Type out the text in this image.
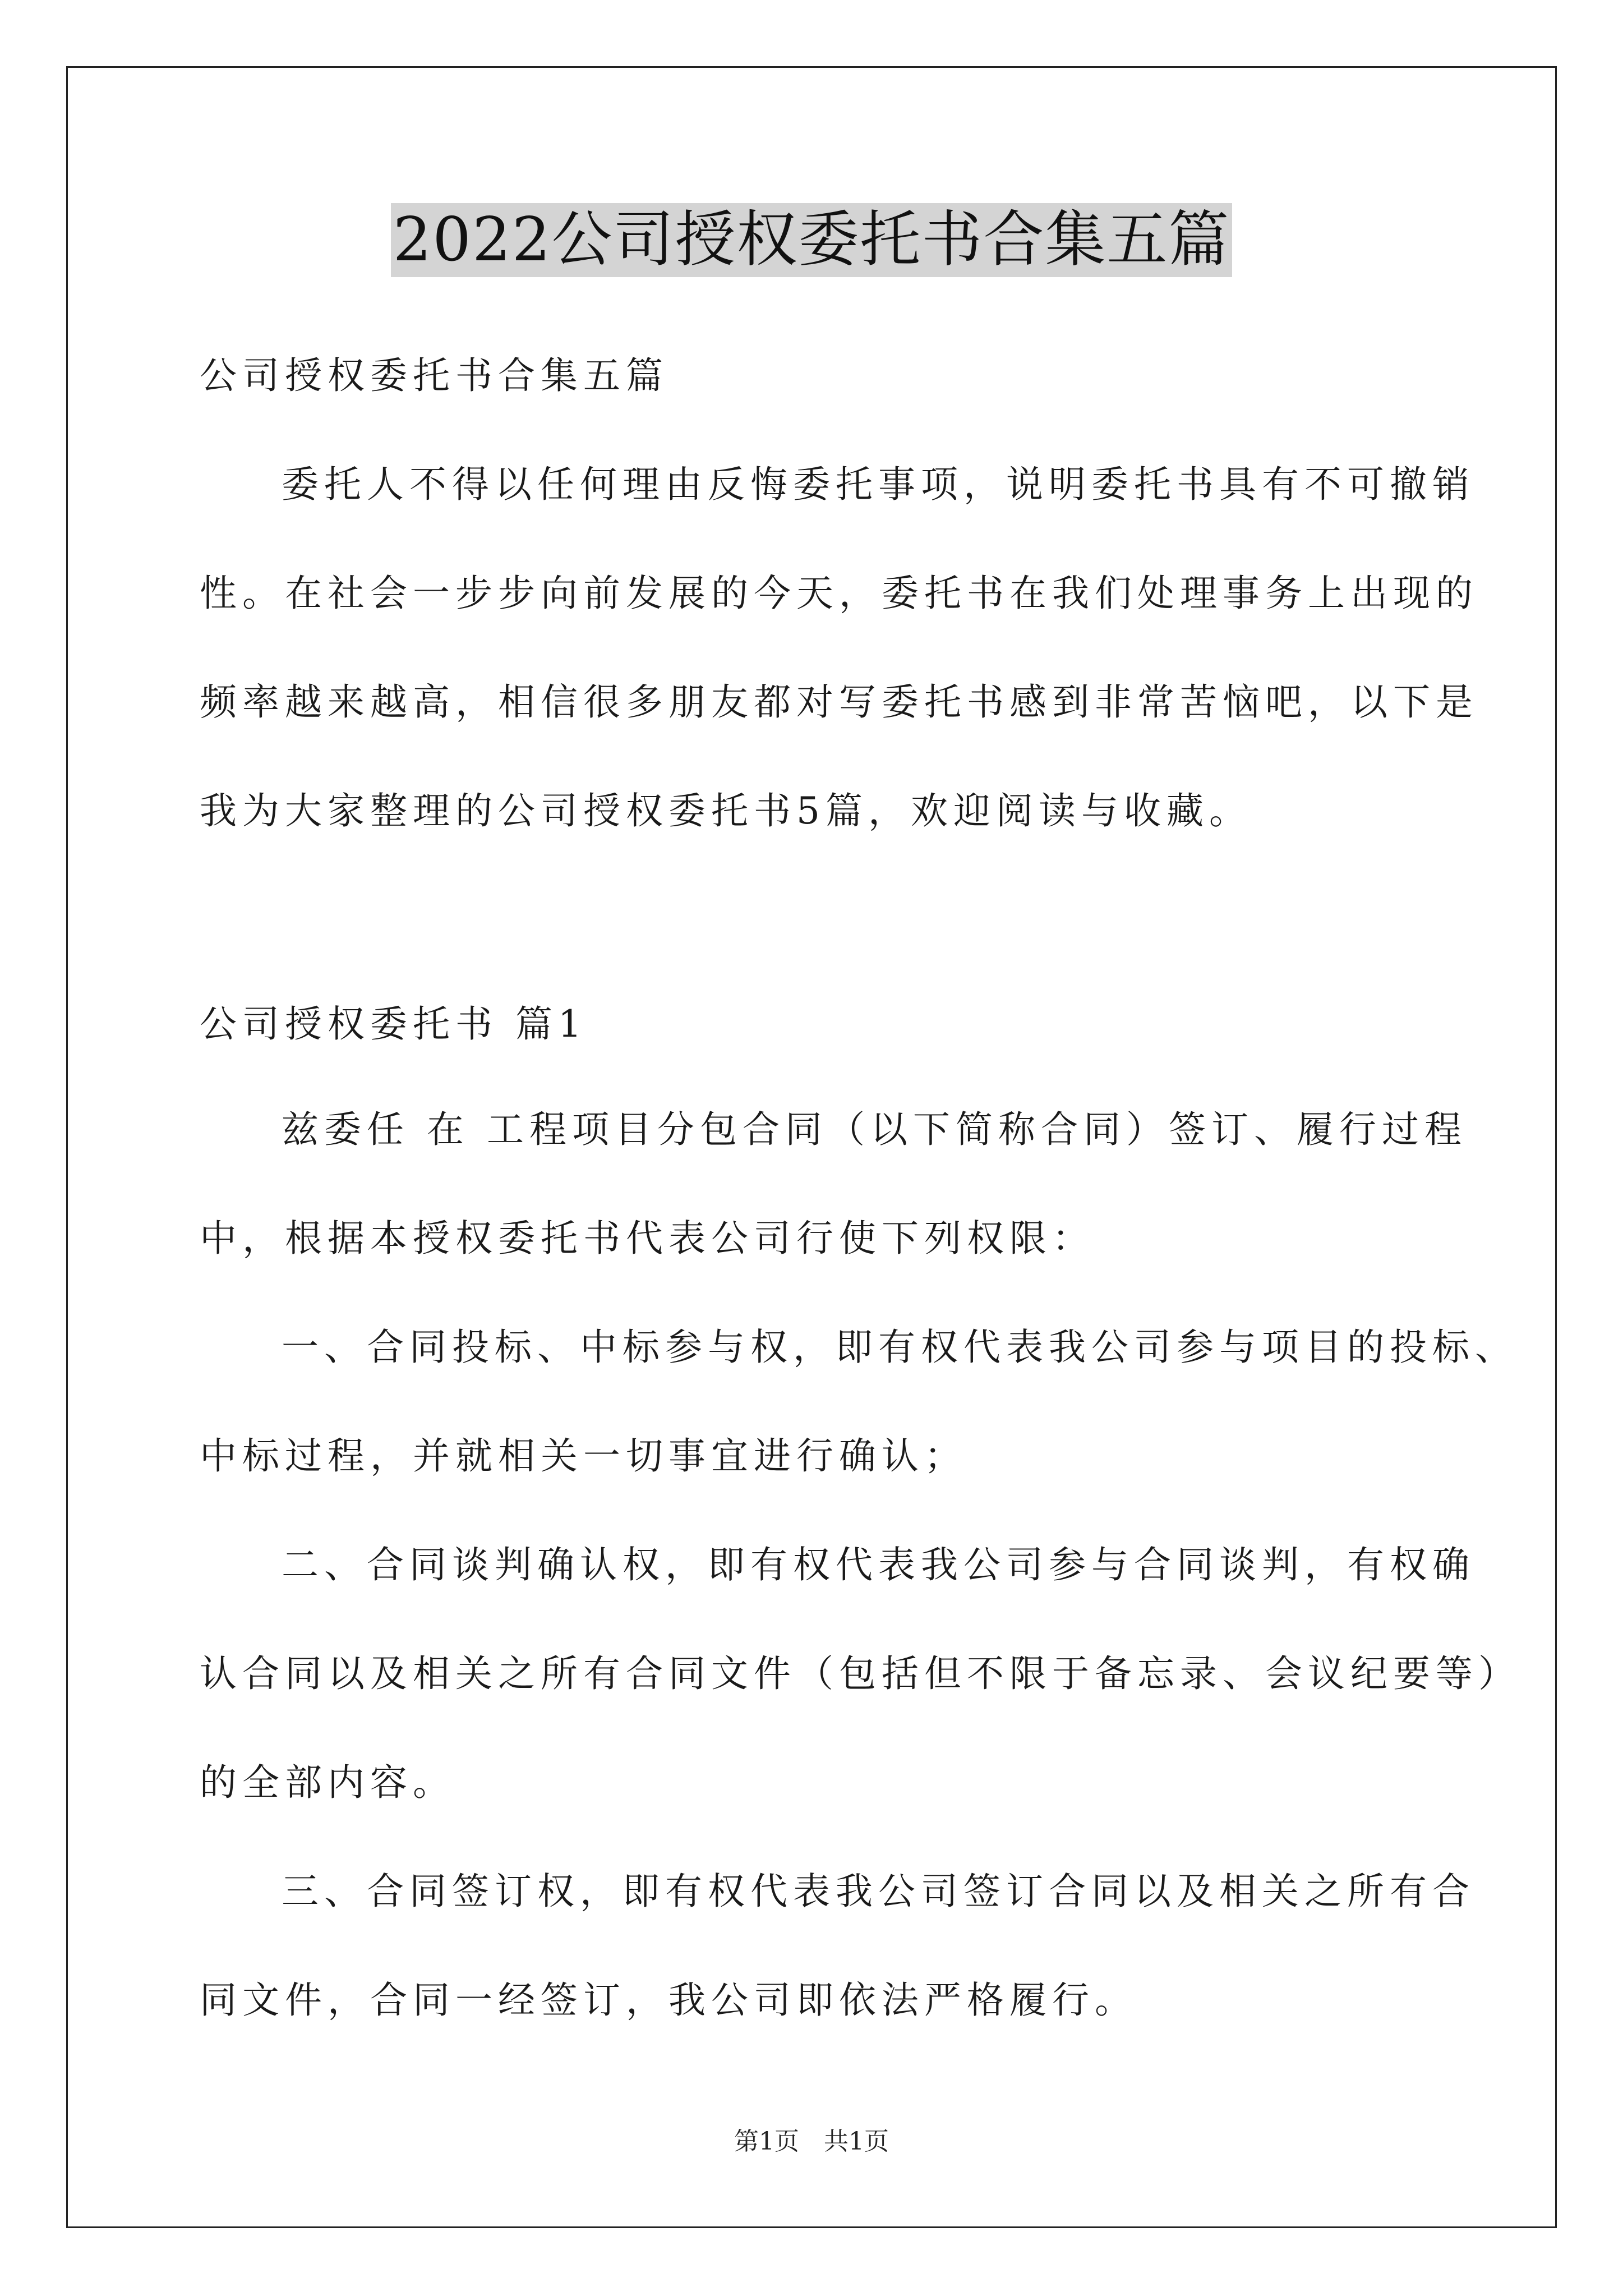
2022公司授权委托书合集五篇
公司授权委托书合集五篇
委托人不得以任何理由反悔委托事项，说明委托书具有不可撤销
性。在社会一步步向前发展的今天，委托书在我们处理事务上出现的
频率越来越高，相信很多朋友都对写委托书感到非常苦恼吧，以下是
我为大家整理的公司授权委托书5篇，欢迎阅读与收藏。
公司授权委托书 篇1
兹委任 在 工程项目分包合同（以下简称合同）签订、履行过程
中，根据本授权委托书代表公司行使下列权限：
一、合同投标、中标参与权，即有权代表我公司参与项目的投标、
中标过程，并就相关一切事宜进行确认；
二、合同谈判确认权，即有权代表我公司参与合同谈判，有权确
认合同以及相关之所有合同文件（包括但不限于备忘录、会议纪要等）
的全部内容。
三、合同签订权，即有权代表我公司签订合同以及相关之所有合
同文件，合同一经签订，我公司即依法严格履行。
第1页 共1页
